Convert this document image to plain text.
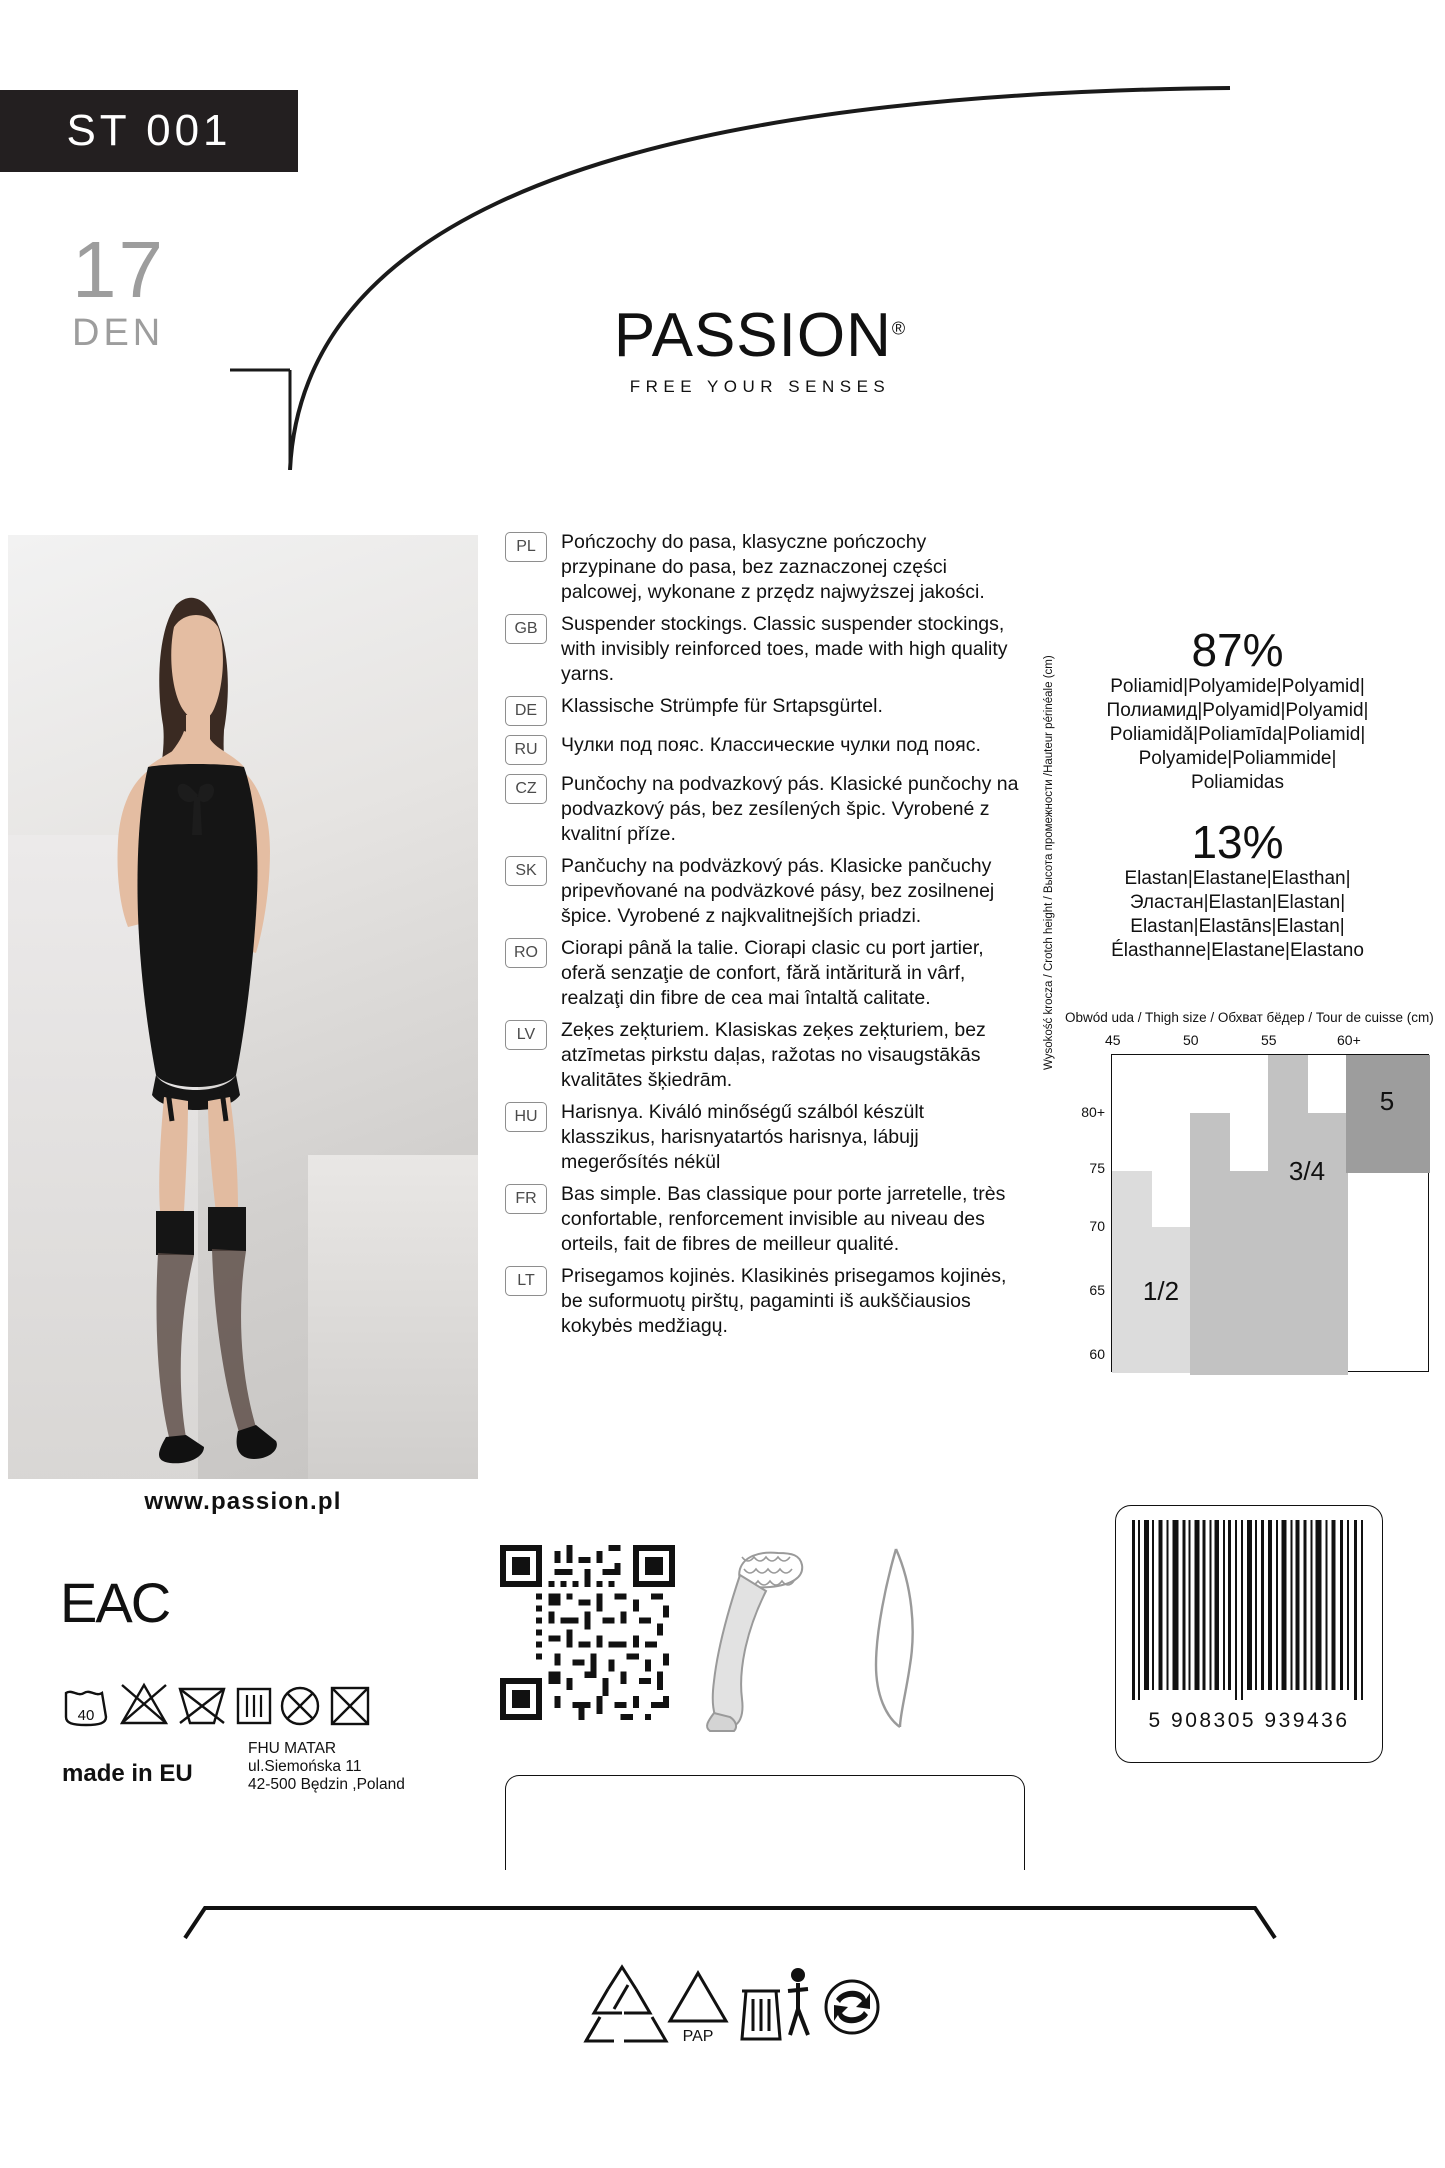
ST 001
17
DEN	PASSION®
FREE YOUR SENSES
www.passion.pl
PL	Pończochy do pasa, klasyczne pończochy przypinane do pasa, bez zaznaczonej części palcowej, wykonane z przędz najwyższej jakości.
GB	Suspender stockings. Classic suspender stockings, with invisibly reinforced toes, made with high quality yarns.
DE	Klassische Strümpfe für Srtapsgürtel.
RU	Чулки под пояс. Классические чулки под пояс.
CZ	Punčochy na podvazkový pás. Klasické punčochy na podvazkový pás, bez zesílených špic. Vyrobené z kvalitní příze.
SK	Pančuchy na podväzkový pás. Klasicke pančuchy pripevňované na podväzkové pásy, bez zosilnenej špice. Vyrobené z najkvalitnejších priadzi.
RO	Ciorapi până la talie. Ciorapi clasic cu port jartier, oferă senzaţie de confort, fără intăritură in vârf, realzaţi din fibre de cea mai întaltă calitate.
LV	Zeķes zeķturiem. Klasiskas zeķes zeķturiem, bez atzīmetas pirkstu daļas, ražotas no visaugstākās kvalitātes šķiedrām.
HU	Harisnya. Kiváló minőségű szálból készült klasszikus, harisnyatartós harisnya, lábujj megerősítés nékül
FR	Bas simple. Bas classique pour porte jarretelle, très confortable, renforcement invisible au niveau des orteils, fait de fibres de meilleur qualité.
LT	Prisegamos kojinės. Klasikinės prisegamos kojinės, be suformuotų pirštų, pagaminti iš aukščiausios kokybės medžiagų.
87%
Poliamid|Polyamide|Polyamid|
Полиамид|Polyamid|Polyamid|
Poliamidǎ|Poliamīda|Poliamid|
Polyamide|Poliammide|
Poliamidas
13%
Elastan|Elastane|Elasthan|
Эластан|Elastan|Elastan|
Elastan|Elastāns|Elastan|
Élasthanne|Elastane|Elastano
Obwód uda / Thigh size / Обхват бёдер / Tour de cuisse (cm)
45	50	55	60+
Wysokość krocza / Crotch height / Высота промежности /Hauteur périnéale (cm)
80+
75
70
65
60
5
3/4
1/2
EAC
40
made in EU
FHU MATAR
ul.Siemońska 11
42-500 Będzin ,Poland
5 908305 939436
PAP
